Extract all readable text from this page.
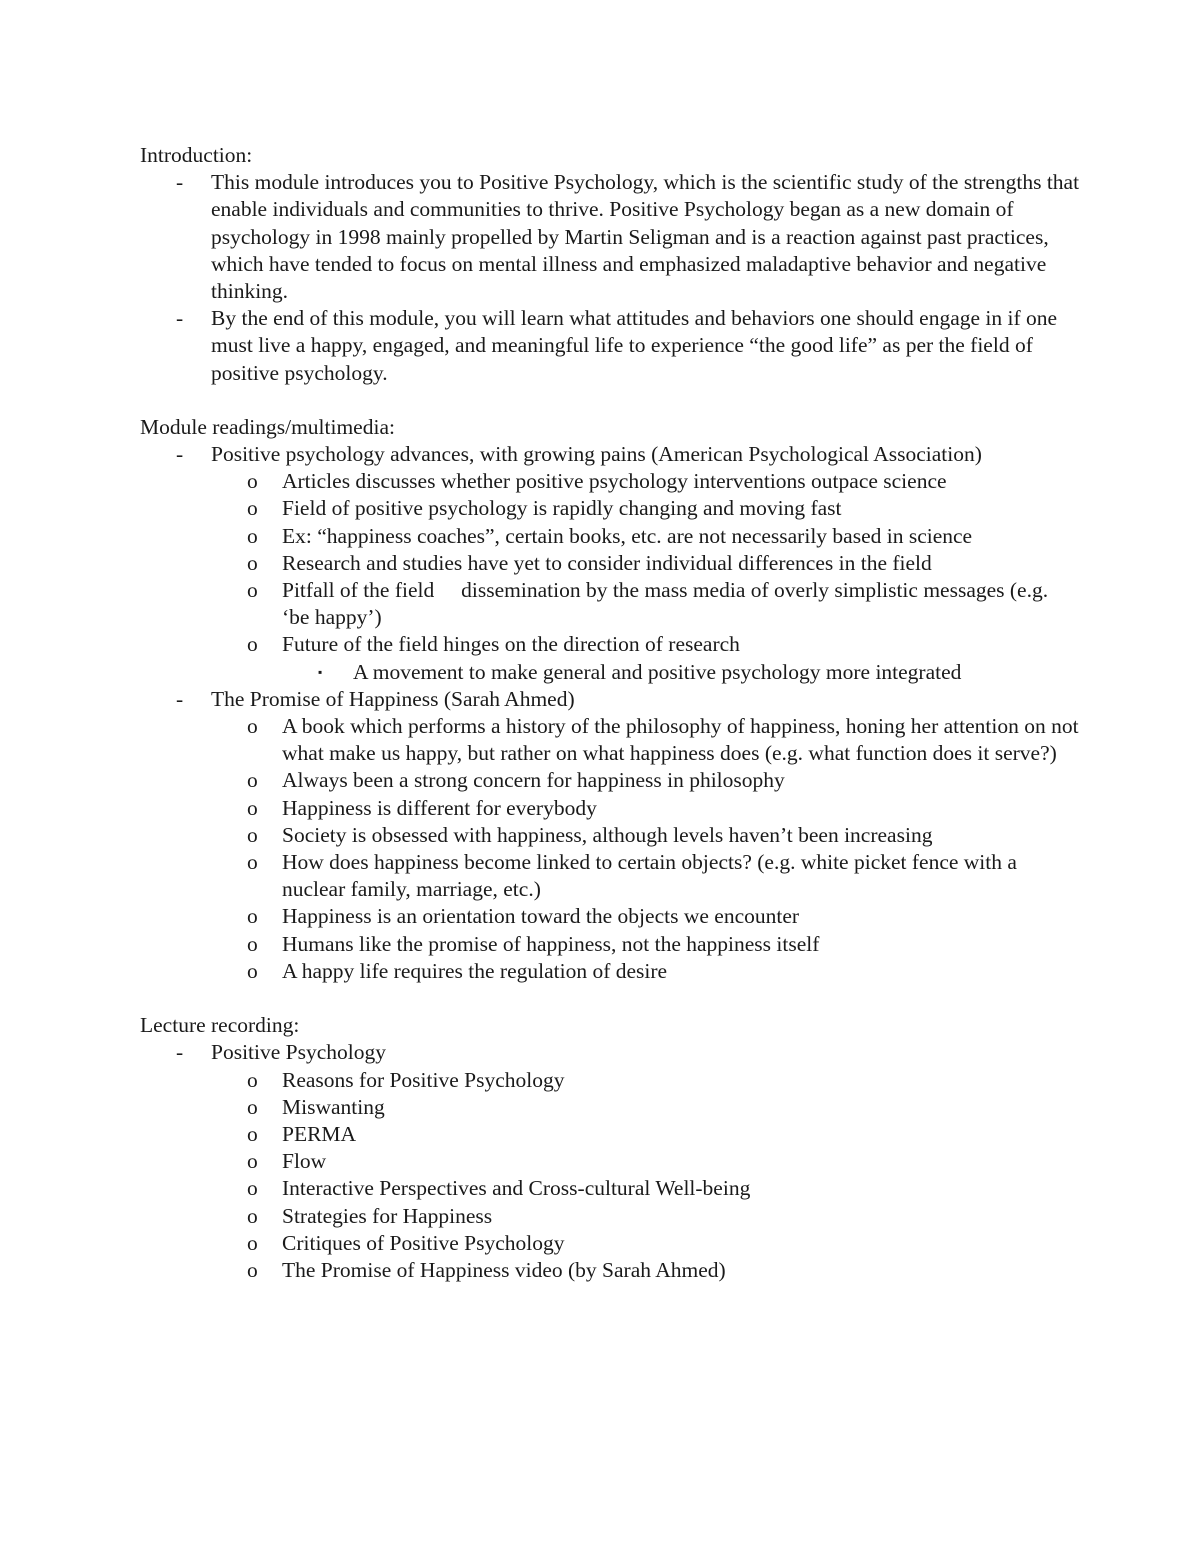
Introduction:

- This module introduces you to Positive Psychology, which is the scientific study of the strengths that enable individuals and communities to thrive. Positive Psychology began as a new domain of psychology in 1998 mainly propelled by Martin Seligman and is a reaction against past practices, which have tended to focus on mental illness and emphasized maladaptive behavior and negative thinking.
- By the end of this module, you will learn what attitudes and behaviors one should engage in if one must live a happy, engaged, and meaningful life to experience “the good life” as per the field of positive psychology.

Module readings/multimedia:

- Positive psychology advances, with growing pains (American Psychological Association)
o Articles discusses whether positive psychology interventions outpace science
o Field of positive psychology is rapidly changing and moving fast
o Ex: “happiness coaches”, certain books, etc. are not necessarily based in science
o Research and studies have yet to consider individual differences in the field
o Pitfall of the field     dissemination by the mass media of overly simplistic messages (e.g. ‘be happy’)
o Future of the field hinges on the direction of research
▪ A movement to make general and positive psychology more integrated
- The Promise of Happiness (Sarah Ahmed)
o A book which performs a history of the philosophy of happiness, honing her attention on not what make us happy, but rather on what happiness does (e.g. what function does it serve?)
o Always been a strong concern for happiness in philosophy
o Happiness is different for everybody
o Society is obsessed with happiness, although levels haven’t been increasing
o How does happiness become linked to certain objects? (e.g. white picket fence with a nuclear family, marriage, etc.)
o Happiness is an orientation toward the objects we encounter
o Humans like the promise of happiness, not the happiness itself
o A happy life requires the regulation of desire

Lecture recording:

- Positive Psychology
o Reasons for Positive Psychology
o Miswanting
o PERMA
o Flow
o Interactive Perspectives and Cross-cultural Well-being
o Strategies for Happiness
o Critiques of Positive Psychology
o The Promise of Happiness video (by Sarah Ahmed)
